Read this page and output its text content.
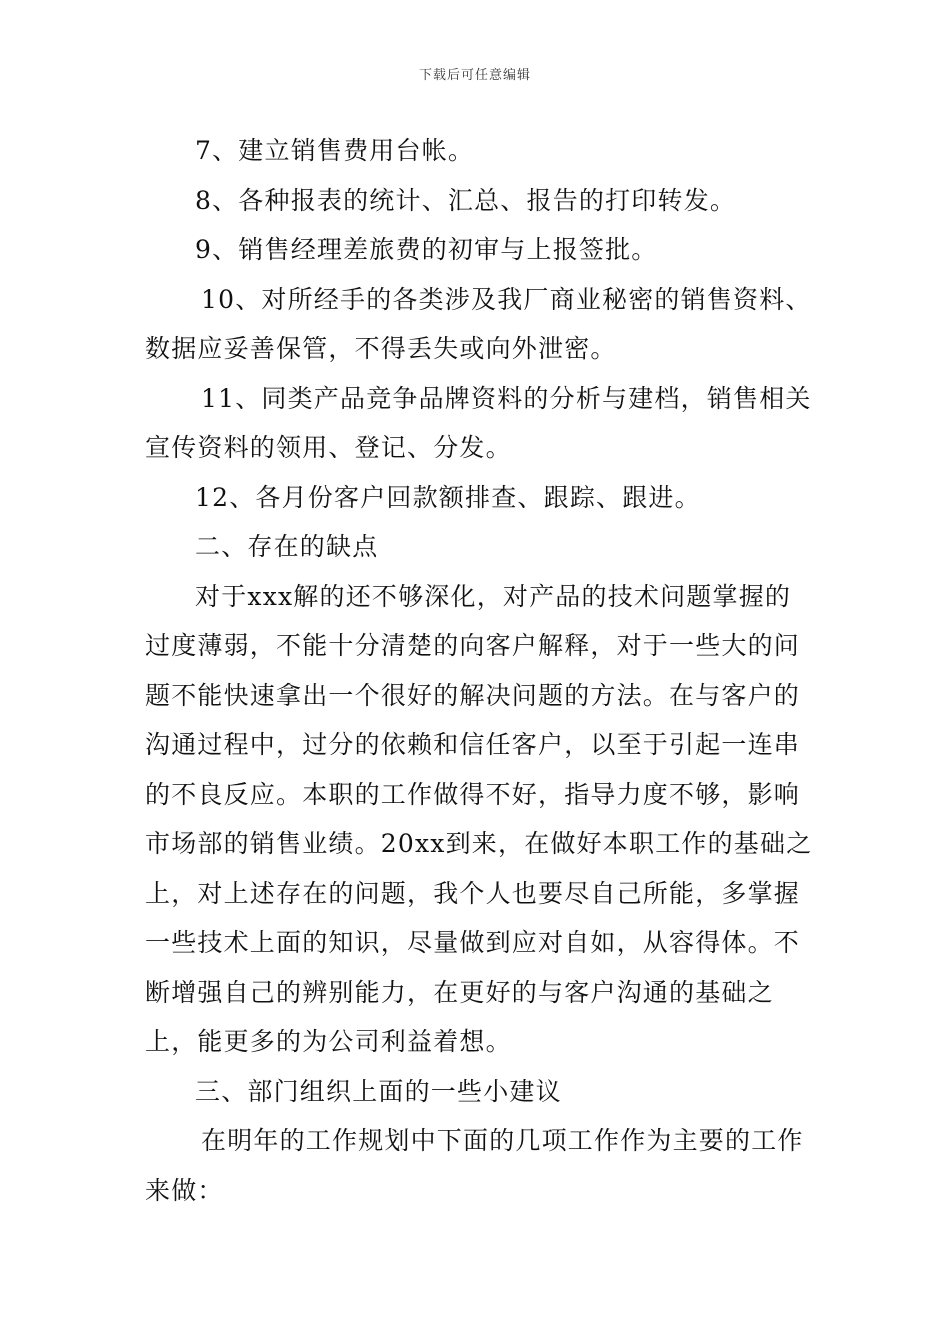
下载后可任意编辑

7、建立销售费用台帐。

8、各种报表的统计、汇总、报告的打印转发。

9、销售经理差旅费的初审与上报签批。

10、对所经手的各类涉及我厂商业秘密的销售资料、数据应妥善保管，不得丢失或向外泄密。

11、同类产品竞争品牌资料的分析与建档，销售相关宣传资料的领用、登记、分发。

12、各月份客户回款额排查、跟踪、跟进。

二、存在的缺点

对于xxx解的还不够深化，对产品的技术问题掌握的过度薄弱，不能十分清楚的向客户解释，对于一些大的问题不能快速拿出一个很好的解决问题的方法。在与客户的沟通过程中，过分的依赖和信任客户，以至于引起一连串的不良反应。本职的工作做得不好，指导力度不够，影响市场部的销售业绩。20xx到来，在做好本职工作的基础之上，对上述存在的问题，我个人也要尽自己所能，多掌握一些技术上面的知识，尽量做到应对自如，从容得体。不断增强自己的辨别能力，在更好的与客户沟通的基础之上，能更多的为公司利益着想。

三、部门组织上面的一些小建议

在明年的工作规划中下面的几项工作作为主要的工作来做：
